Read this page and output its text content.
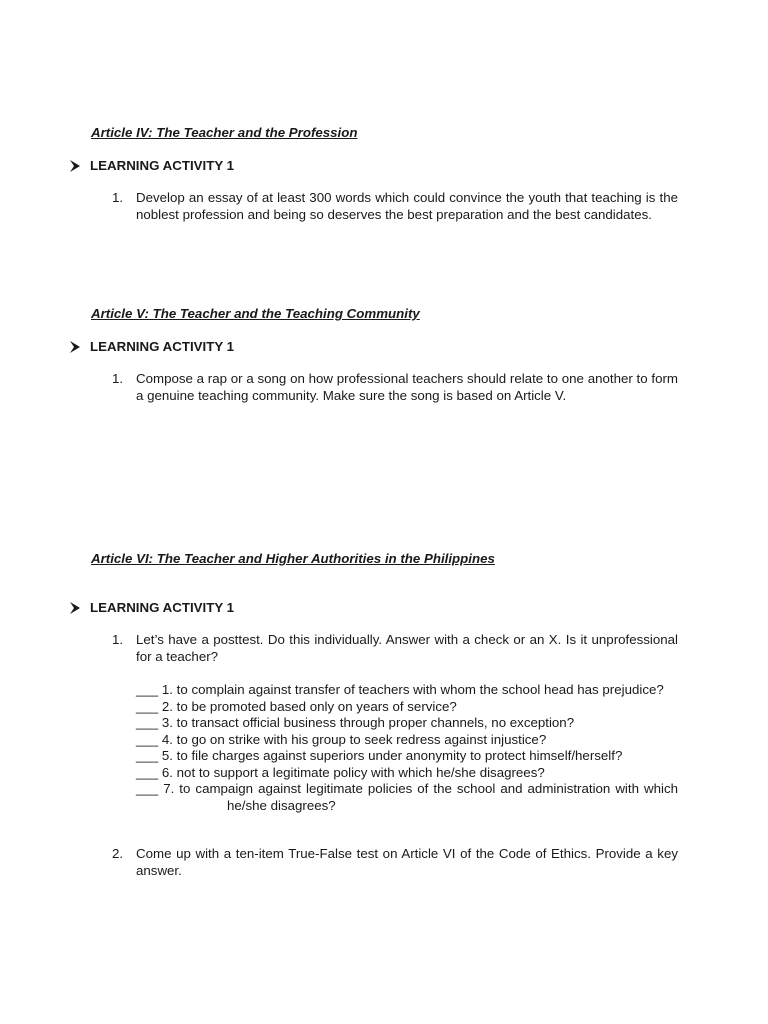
Article IV: The Teacher and the Profession
LEARNING ACTIVITY 1
1. Develop an essay of at least 300 words which could convince the youth that teaching is the noblest profession and being so deserves the best preparation and the best candidates.
Article V: The Teacher and the Teaching Community
LEARNING ACTIVITY 1
1. Compose a rap or a song on how professional teachers should relate to one another to form a genuine teaching community. Make sure the song is based on Article V.
Article VI: The Teacher and Higher Authorities in the Philippines
LEARNING ACTIVITY 1
1. Let’s have a posttest. Do this individually. Answer with a check or an X. Is it unprofessional for a teacher?
___ 1. to complain against transfer of teachers with whom the school head has prejudice?
___ 2. to be promoted based only on years of service?
___ 3. to transact official business through proper channels, no exception?
___ 4. to go on strike with his group to seek redress against injustice?
___ 5. to file charges against superiors under anonymity to protect himself/herself?
___ 6. not to support a legitimate policy with which he/she disagrees?
___ 7. to campaign against legitimate policies of the school and administration with which
he/she disagrees?
2. Come up with a ten-item True-False test on Article VI of the Code of Ethics. Provide a key answer.
